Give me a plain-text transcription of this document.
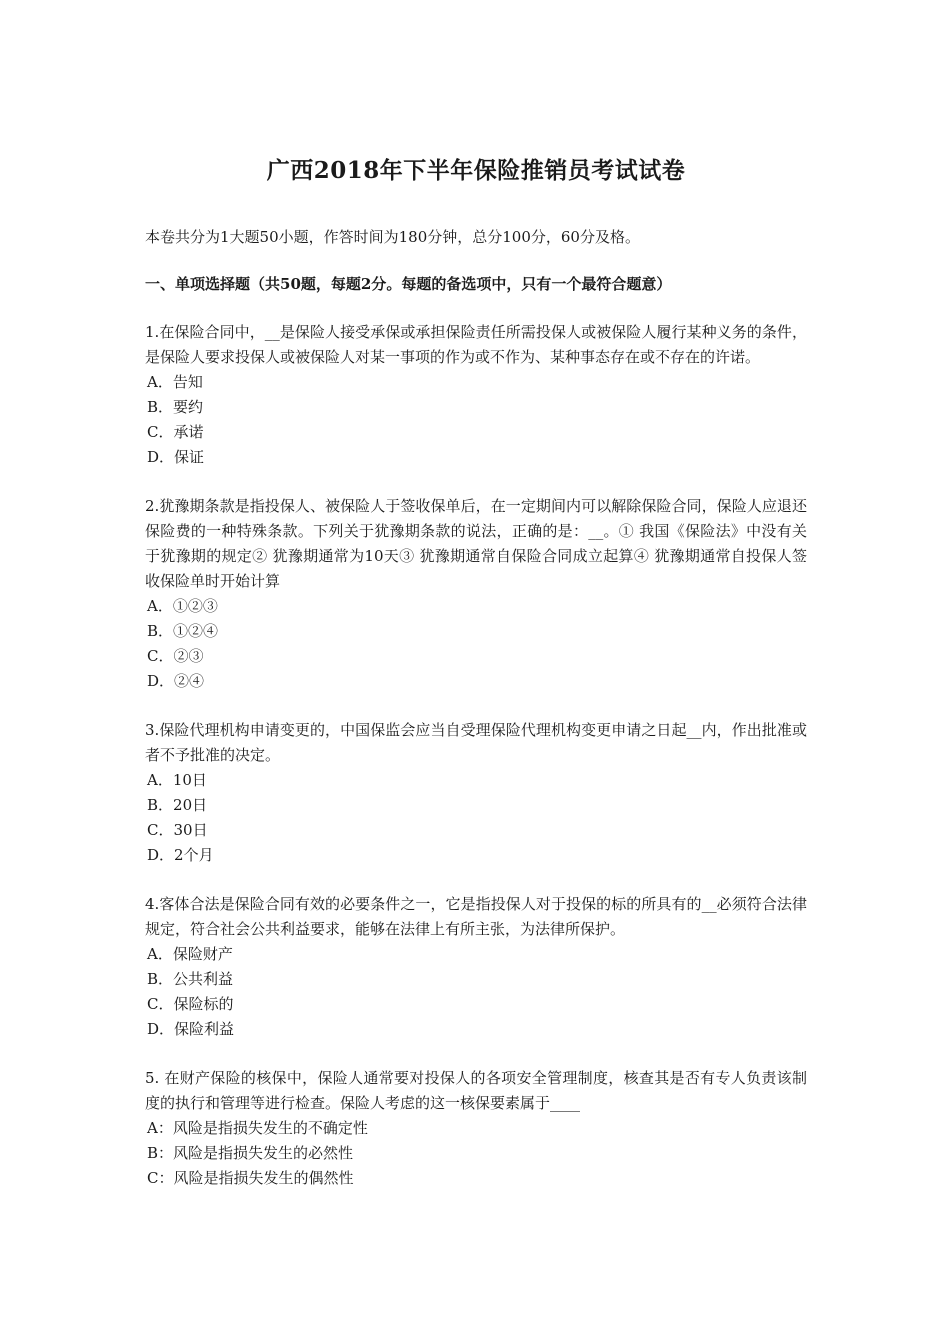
广西2018年下半年保险推销员考试试卷
本卷共分为1大题50小题，作答时间为180分钟，总分100分，60分及格。
一、单项选择题（共50题，每题2分。每题的备选项中，只有一个最符合题意）
1.在保险合同中，__是保险人接受承保或承担保险责任所需投保人或被保险人履行某种义务的条件，是保险人要求投保人或被保险人对某一事项的作为或不作为、某种事态存在或不存在的许诺。
A．告知
B．要约
C．承诺
D．保证
2.犹豫期条款是指投保人、被保险人于签收保单后，在一定期间内可以解除保险合同，保险人应退还保险费的一种特殊条款。下列关于犹豫期条款的说法，正确的是：__。① 我国《保险法》中没有关于犹豫期的规定② 犹豫期通常为10天③ 犹豫期通常自保险合同成立起算④ 犹豫期通常自投保人签收保险单时开始计算
A．①②③
B．①②④
C．②③
D．②④
3.保险代理机构申请变更的，中国保监会应当自受理保险代理机构变更申请之日起__内，作出批准或者不予批准的决定。
A．10日
B．20日
C．30日
D．2个月
4.客体合法是保险合同有效的必要条件之一，它是指投保人对于投保的标的所具有的__必须符合法律规定，符合社会公共利益要求，能够在法律上有所主张，为法律所保护。
A．保险财产
B．公共利益
C．保险标的
D．保险利益
5. 在财产保险的核保中，保险人通常要对投保人的各项安全管理制度，核查其是否有专人负责该制度的执行和管理等进行检查。保险人考虑的这一核保要素属于____
A：风险是指损失发生的不确定性
B：风险是指损失发生的必然性
C：风险是指损失发生的偶然性
